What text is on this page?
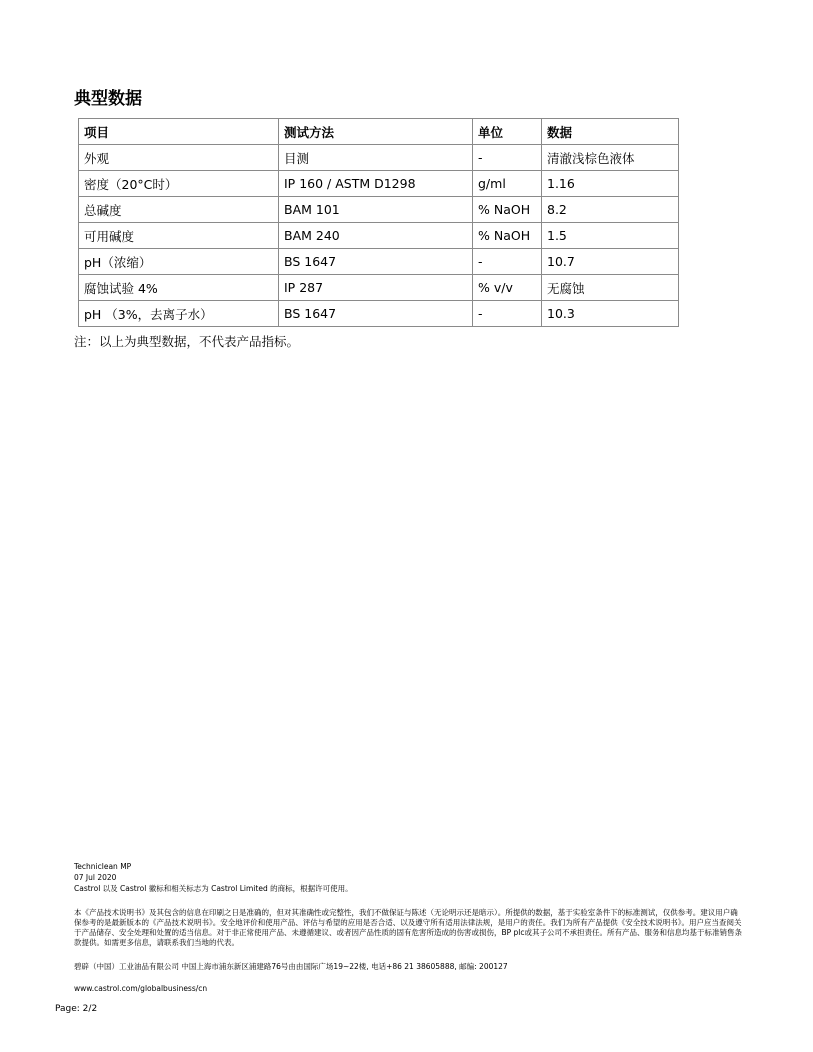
典型数据
项目	测试方法	单位	数据
外观	目测	-	清澈浅棕色液体
密度（20°C时）	IP 160 / ASTM D1298	g/ml	1.16
总碱度	BAM 101	% NaOH	8.2
可用碱度	BAM 240	% NaOH	1.5
pH（浓缩）	BS 1647	-	10.7
腐蚀试验 4%	IP 287	% v/v	无腐蚀
pH （3%，去离子水）	BS 1647	-	10.3
注：以上为典型数据，不代表产品指标。
Techniclean MP
07 Jul 2020
Castrol 以及 Castrol 徽标和相关标志为 Castrol Limited 的商标，根据许可使用。
本《产品技术说明书》及其包含的信息在印刷之日是准确的，但对其准确性或完整性，我们不做保证与陈述（无论明示还是暗示）。所提供的数据，基于实验室条件下的标准测试，仅供参考。建议用户确保参考的是最新版本的《产品技术说明书》。安全地评价和使用产品、评估与希望的应用是否合适、以及遵守所有适用法律法规，是用户的责任。我们为所有产品提供《安全技术说明书》。用户应当查阅关于产品储存、安全处理和处置的适当信息。对于非正常使用产品、未遵循建议、或者因产品性质的固有危害所造成的伤害或损伤，BP plc或其子公司不承担责任。所有产品、服务和信息均基于标准销售条款提供。如需更多信息，请联系我们当地的代表。
碧辟（中国）工业油品有限公司 中国上海市浦东新区浦建路76号由由国际广场19~22楼, 电话+86 21 38605888, 邮编: 200127
www.castrol.com/globalbusiness/cn
Page: 2/2
